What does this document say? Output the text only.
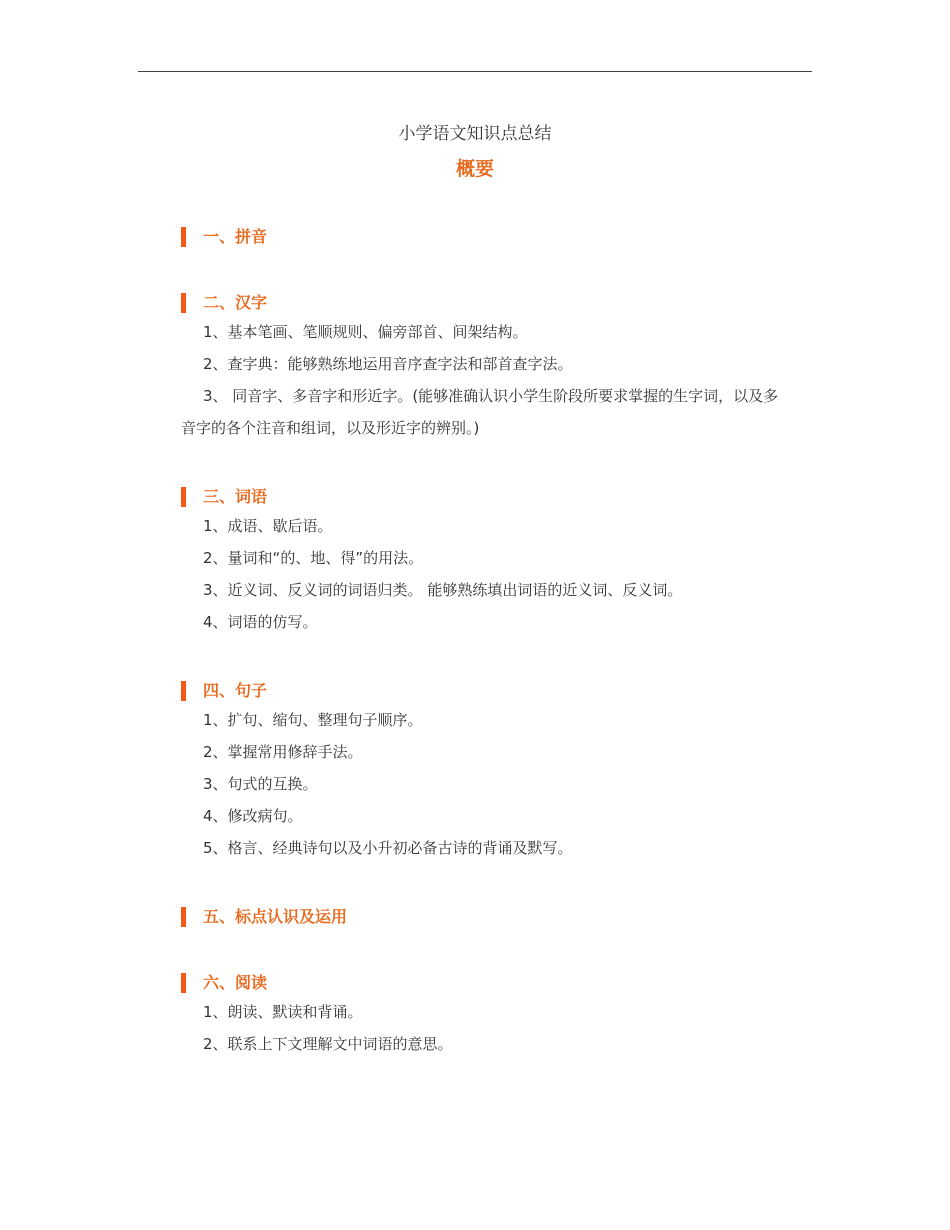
小学语文知识点总结
概要
一、拼音
二、汉字

1、基本笔画、笔顺规则、偏旁部首、间架结构。

2、查字典：能够熟练地运用音序查字法和部首查字法。

3、 同音字、多音字和形近字。(能够准确认识小学生阶段所要求掌握的生字词，以及多音字的各个注音和组词，以及形近字的辨别。)

三、词语

1、成语、歇后语。

2、量词和“的、地、得”的用法。

3、近义词、反义词的词语归类。 能够熟练填出词语的近义词、反义词。

4、词语的仿写。

四、句子

1、扩句、缩句、整理句子顺序。

2、掌握常用修辞手法。

3、句式的互换。

4、修改病句。

5、格言、经典诗句以及小升初必备古诗的背诵及默写。

五、标点认识及运用
六、阅读

1、朗读、默读和背诵。

2、联系上下文理解文中词语的意思。
